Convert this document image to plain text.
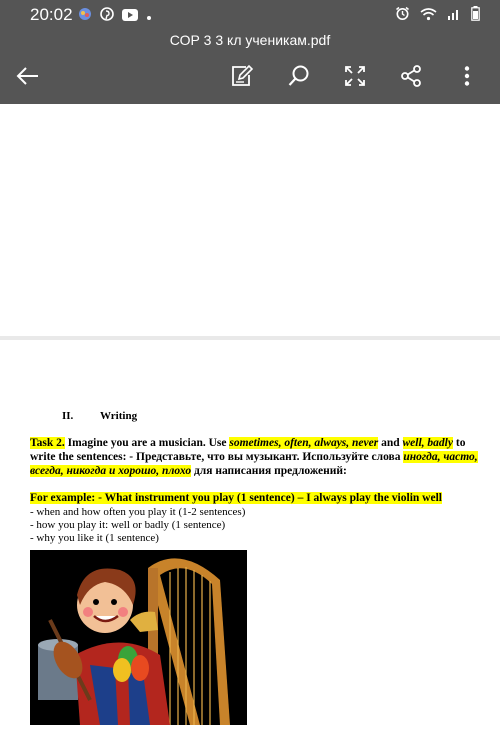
20:02
СОР 3 3 кл ученикам.pdf
II. Writing
Task 2. Imagine you are a musician. Use sometimes, often, always, never and well, badly to write the sentences: - Представьте, что вы музыкант. Используйте слова иногда, часто, всегда, никогда и хорошо, плохо для написания предложений:
For example: - What instrument you play (1 sentence) – I always play the violin well
- when and how often you play it (1-2 sentences)
- how you play it: well or badly (1 sentence)
- why you like it (1 sentence)
